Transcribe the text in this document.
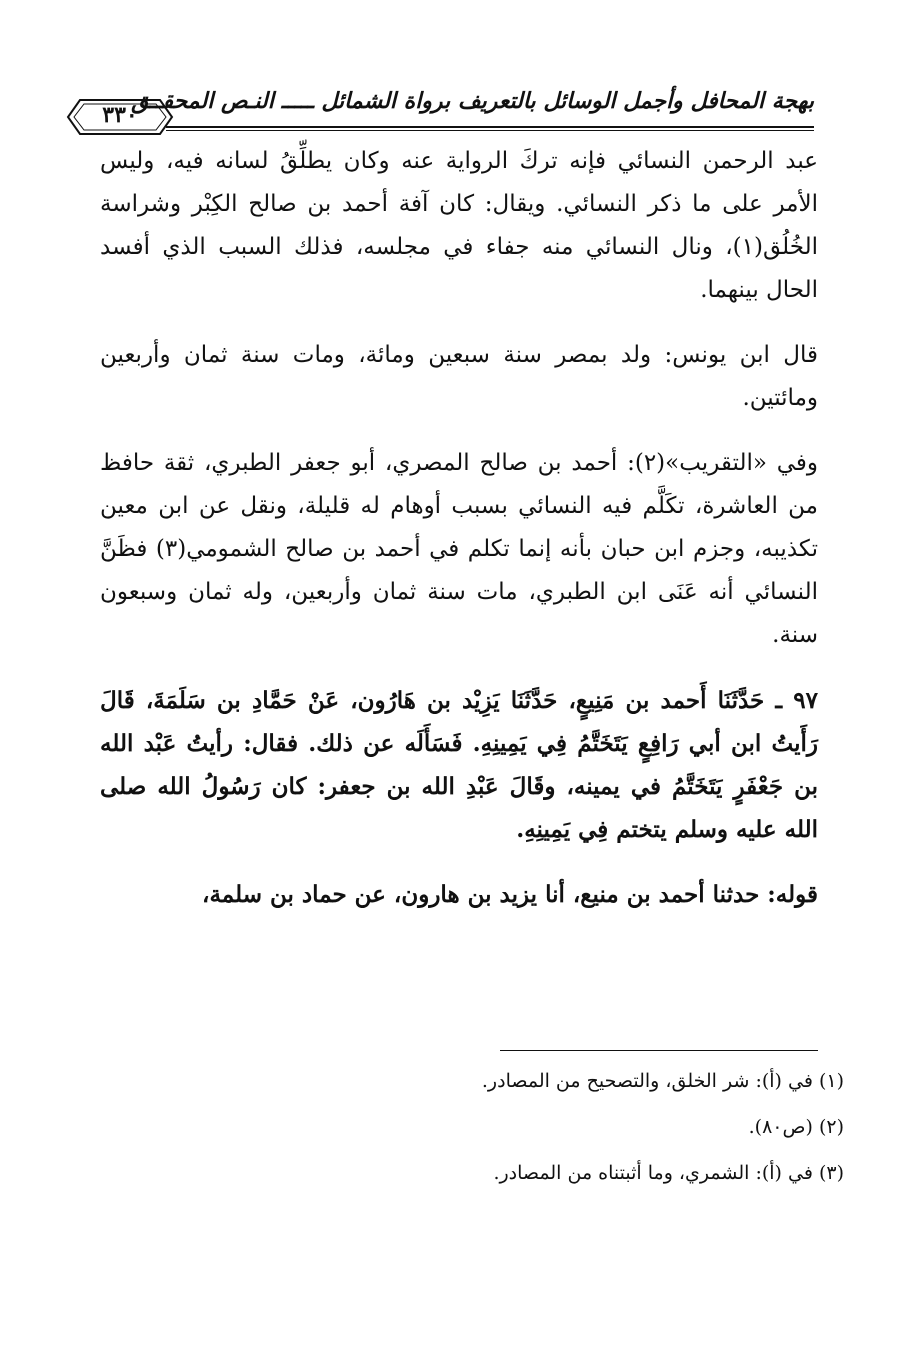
بهجة المحافل وأجمل الوسائل بالتعريف برواة الشمائل ـــــ النـص المحقــق
٣٣٠

عبد الرحمن النسائي فإنه تركَ الرواية عنه وكان يطلِّقُ لسانه فيه، وليس الأمر على ما ذكر النسائي. ويقال: كان آفة أحمد بن صالح الكِبْر وشراسة الخُلُق(١)، ونال النسائي منه جفاء في مجلسه، فذلك السبب الذي أفسد الحال بينهما.

قال ابن يونس: ولد بمصر سنة سبعين ومائة، ومات سنة ثمان وأربعين ومائتين.

وفي «التقريب»(٢): أحمد بن صالح المصري، أبو جعفر الطبري، ثقة حافظ من العاشرة، تكَلَّم فيه النسائي بسبب أوهام له قليلة، ونقل عن ابن معين تكذيبه، وجزم ابن حبان بأنه إنما تكلم في أحمد بن صالح الشمومي(٣) فظَنَّ النسائي أنه عَنَى ابن الطبري، مات سنة ثمان وأربعين، وله ثمان وسبعون سنة.

٩٧ ـ حَدَّثَنَا أَحمد بن مَنِيعٍ، حَدَّثَنَا يَزِيْد بن هَارُون، عَنْ حَمَّادِ بن سَلَمَةَ، قَالَ رَأَيتُ ابن أبي رَافِعٍ يَتَخَتَّمُ فِي يَمِينِهِ. فَسَأَلَه عن ذلك. فقال: رأيتُ عَبْد الله بن جَعْفَرٍ يَتَخَتَّمُ في يمينه، وقَالَ عَبْدِ الله بن جعفر: كان رَسُولُ الله صلى الله عليه وسلم يتختم فِي يَمِينِهِ.

قوله: حدثنا أحمد بن منيع، أنا يزيد بن هارون، عن حماد بن سلمة،

(١) في (أ): شر الخلق، والتصحيح من المصادر.
(٢) (ص٨٠).
(٣) في (أ): الشمري، وما أثبتناه من المصادر.
